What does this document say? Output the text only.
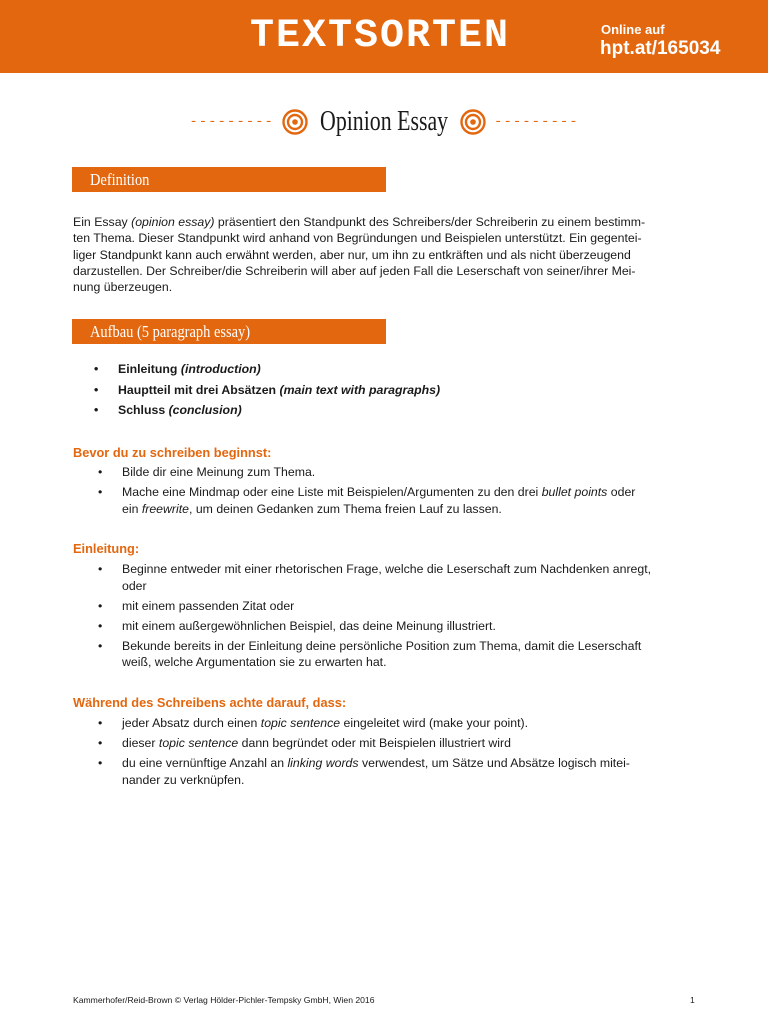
TEXTSORTEN	Online auf
hpt.at/165034
--------- Opinion Essay	---------
Definition

Ein Essay (opinion essay) präsentiert den Standpunkt des Schreibers/der Schreiberin zu einem bestimm-
ten Thema. Dieser Standpunkt wird anhand von Begründungen und Beispielen unterstützt. Ein gegentei-
liger Standpunkt kann auch erwähnt werden, aber nur, um ihn zu entkräften und als nicht überzeugend
darzustellen. Der Schreiber/die Schreiberin will aber auf jeden Fall die Leserschaft von seiner/ihrer Mei-
nung überzeugen.

Aufbau (5 paragraph essay)
• Einleitung (introduction)
• Hauptteil mit drei Absätzen (main text with paragraphs)
• Schluss (conclusion)
Bevor du zu schreiben beginnst:
• Bilde dir eine Meinung zum Thema.
• Mache eine Mindmap oder eine Liste mit Beispielen/Argumenten zu den drei bullet points oder
ein freewrite, um deinen Gedanken zum Thema freien Lauf zu lassen.
Einleitung:
• Beginne entweder mit einer rhetorischen Frage, welche die Leserschaft zum Nachdenken anregt,
oder
• mit einem passenden Zitat oder
• mit einem außergewöhnlichen Beispiel, das deine Meinung illustriert.
• Bekunde bereits in der Einleitung deine persönliche Position zum Thema, damit die Leserschaft
weiß, welche Argumentation sie zu erwarten hat.
Während des Schreibens achte darauf, dass:
• jeder Absatz durch einen topic sentence eingeleitet wird (make your point).
• dieser topic sentence dann begründet oder mit Beispielen illustriert wird
• du eine vernünftige Anzahl an linking words verwendest, um Sätze und Absätze logisch mitei-
nander zu verknüpfen.
Kammerhofer/Reid-Brown © Verlag Hölder-Pichler-Tempsky GmbH, Wien 2016	1
